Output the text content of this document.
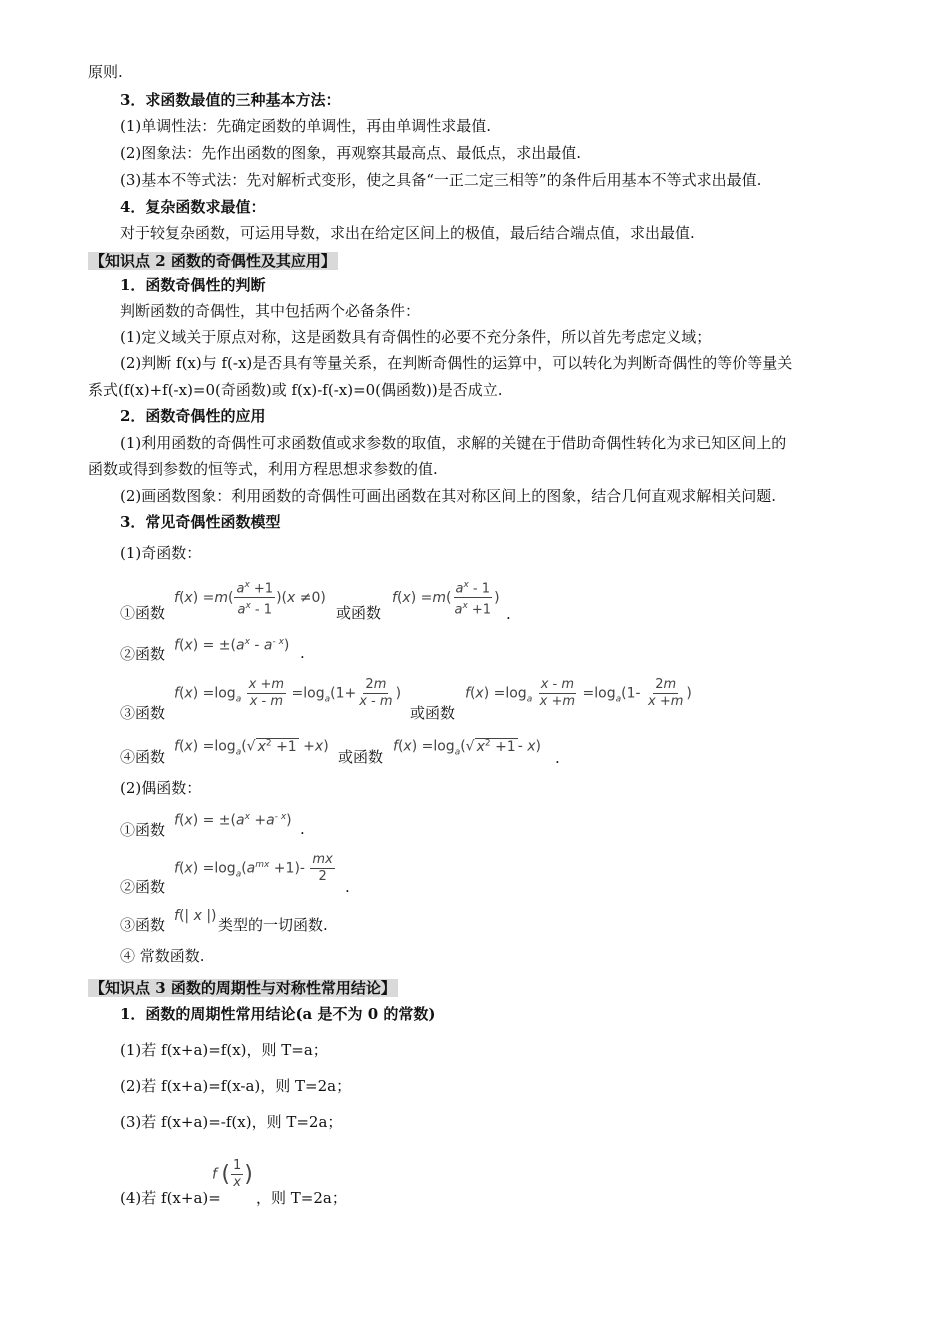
原则.
3．求函数最值的三种基本方法：
(1)单调性法：先确定函数的单调性，再由单调性求最值.
(2)图象法：先作出函数的图象，再观察其最高点、最低点，求出最值.
(3)基本不等式法：先对解析式变形，使之具备“一正二定三相等”的条件后用基本不等式求出最值.
4．复杂函数求最值：
对于较复杂函数，可运用导数，求出在给定区间上的极值，最后结合端点值，求出最值.
【知识点 2 函数的奇偶性及其应用】
1．函数奇偶性的判断
判断函数的奇偶性，其中包括两个必备条件：
(1)定义域关于原点对称，这是函数具有奇偶性的必要不充分条件，所以首先考虑定义域；
(2)判断 f(x)与 f(-x)是否具有等量关系，在判断奇偶性的运算中，可以转化为判断奇偶性的等价等量关
系式(f(x)+f(-x)=0(奇函数)或 f(x)-f(-x)=0(偶函数))是否成立.
2．函数奇偶性的应用
(1)利用函数的奇偶性可求函数值或求参数的取值，求解的关键在于借助奇偶性转化为求已知区间上的
函数或得到参数的恒等式，利用方程思想求参数的值.
(2)画函数图象：利用函数的奇偶性可画出函数在其对称区间上的图象，结合几何直观求解相关问题.
3．常见奇偶性函数模型
(1)奇函数：
①函数
$f(x) =m( \frac{a^x +1}{a^x - 1} )(x \ne 0)$
或函数
$f(x) =m( \frac{a^x - 1}{a^x +1}$ )
.
②函数 $f(x) = \pm(a^x - a^{- x})$ .
③函数
$f(x) =\log_a \frac{x +m}{x - m} =\log_a(1+ \frac{2m}{x - m}$ )
或函数
$f(x) =\log_a \frac{x - m}{x +m} =\log_a(1- \frac{2m}{x +m}$ )
④函数
$f(x) =\log_a(√$ $x^2 +1 +x$)
或函数
$f(x) =\log_a(√$ $x^2 +1 - x$)
.
(2)偶函数：
①函数
$f(x) = \pm(a^x +a^{- x})$ .
②函数
$f(x) =\log_a(a^{mx} +1)- \frac{mx}{2}$
.
③函数 f(| x |) 类型的一切函数.
④ 常数函数.
【知识点 3 函数的周期性与对称性常用结论】
1．函数的周期性常用结论(a 是不为 0 的常数)
(1)若 f(x+a)=f(x)，则 T=a；
(2)若 f(x+a)=f(x-a)，则 T=2a；
(3)若 f(x+a)=-f(x)，则 T=2a；
(4)若 f(x+a)=
f ( $\frac{1}{x}$ )
，则 T=2a；
